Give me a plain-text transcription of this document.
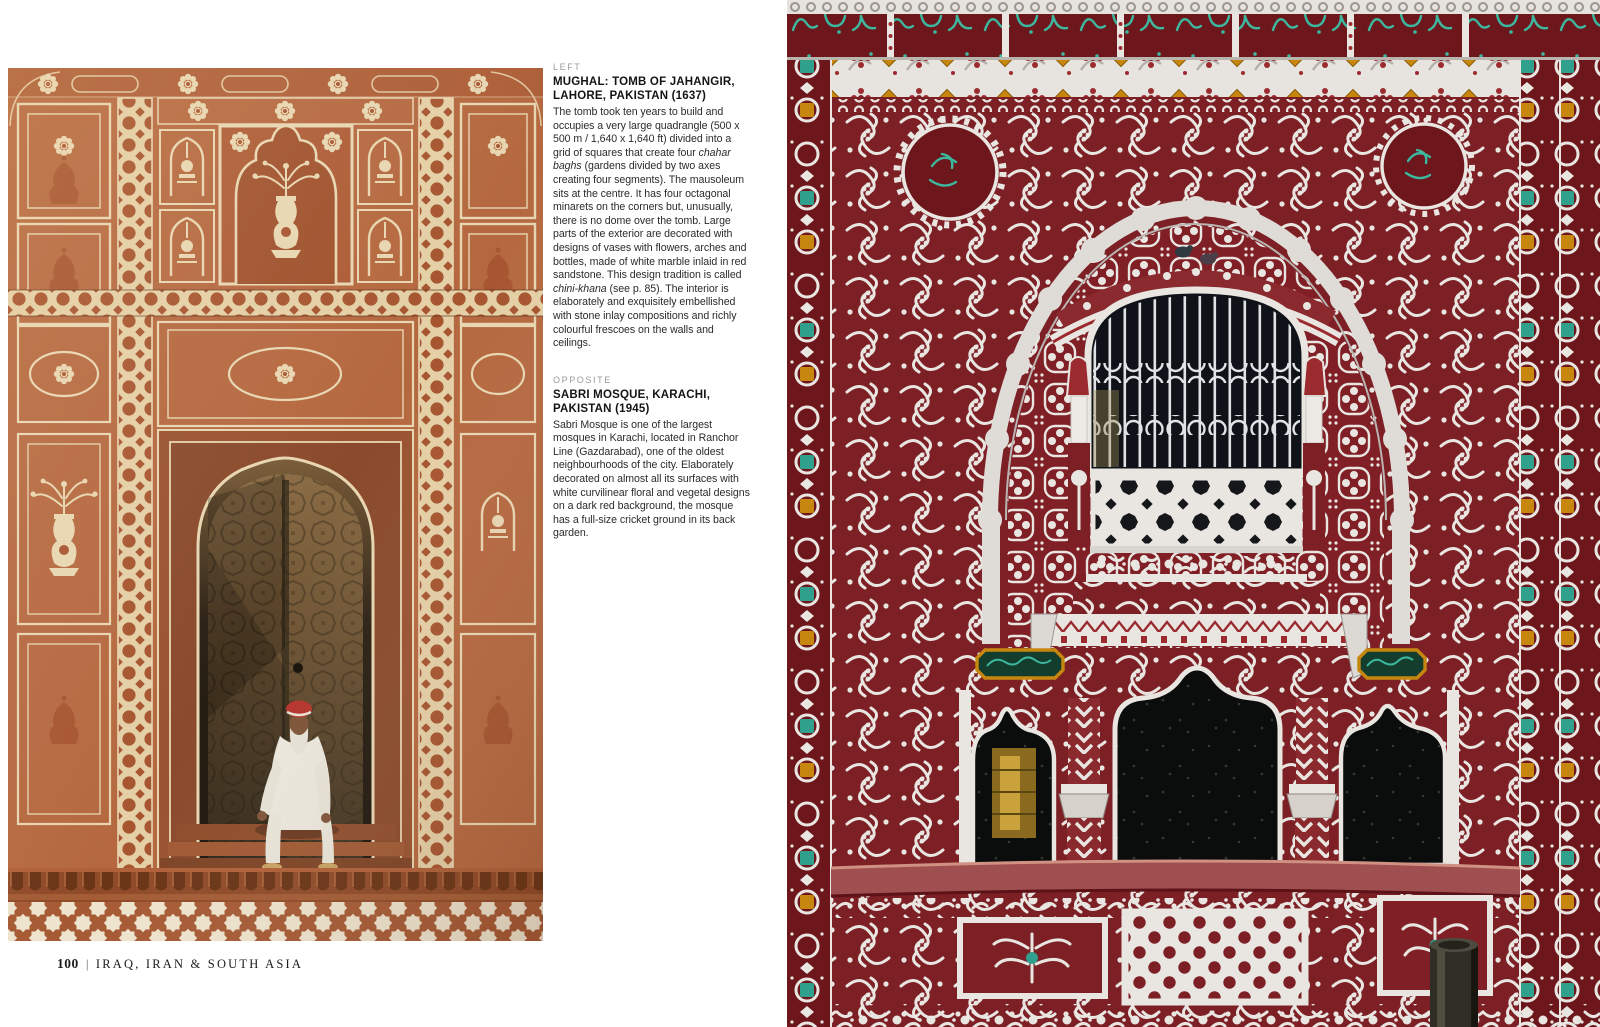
LEFT
MUGHAL: TOMB OF JAHANGIR,
LAHORE, PAKISTAN (1637)
The tomb took ten years to build and occupies a very large quadrangle (500 x 500 m / 1,640 x 1,640 ft) divided into a grid of squares that create four chahar baghs (gardens divided by two axes creating four segments). The mausoleum sits at the centre. It has four octagonal minarets on the corners but, unusually, there is no dome over the tomb. Large parts of the exterior are decorated with designs of vases with flowers, arches and bottles, made of white marble inlaid in red sandstone. This design tradition is called chini-khana (see p. 85). The interior is elaborately and exquisitely embellished with stone inlay compositions and richly colourful frescoes on the walls and ceilings.
OPPOSITE
SABRI MOSQUE, KARACHI,
PAKISTAN (1945)
Sabri Mosque is one of the largest mosques in Karachi, located in Ranchor Line (Gazdarabad), one of the oldest neighbourhoods of the city. Elaborately decorated on almost all its surfaces with white curvilinear floral and vegetal designs on a dark red background, the mosque has a full-size cricket ground in its back garden.
100 | IRAQ, IRAN & SOUTH ASIA
